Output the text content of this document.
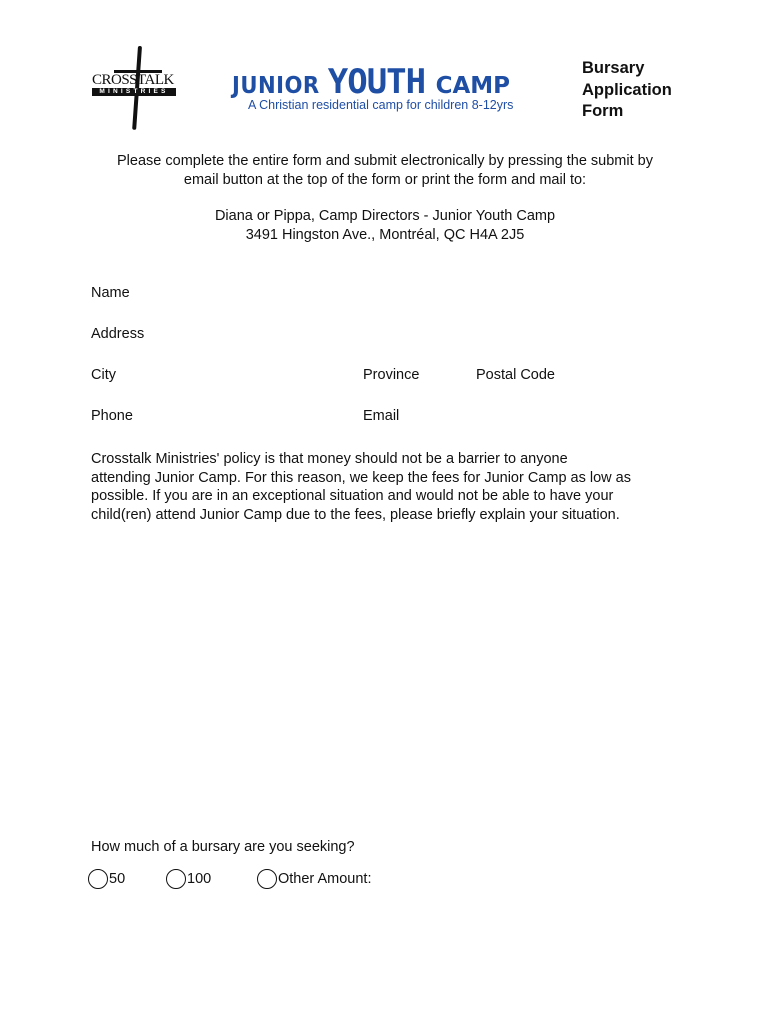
CROSSTALK
MINISTRIES	JUNIOR YOUTH CAMP
A Christian residential camp for children 8-12yrs
Bursary
Application
Form
Please complete the entire form and submit electronically by pressing the submit by
email button at the top of the form or print the form and mail to:
Diana or Pippa, Camp Directors - Junior Youth Camp
3491 Hingston Ave., Montréal, QC H4A 2J5
Name
Address
City	Province	Postal Code
Phone	Email
Crosstalk Ministries' policy is that money should not be a barrier to anyone
attending Junior Camp. For this reason, we keep the fees for Junior Camp as low as
possible. If you are in an exceptional situation and would not be able to have your
child(ren) attend Junior Camp due to the fees, please briefly explain your situation.
How much of a bursary are you seeking?
50	100	Other Amount:
